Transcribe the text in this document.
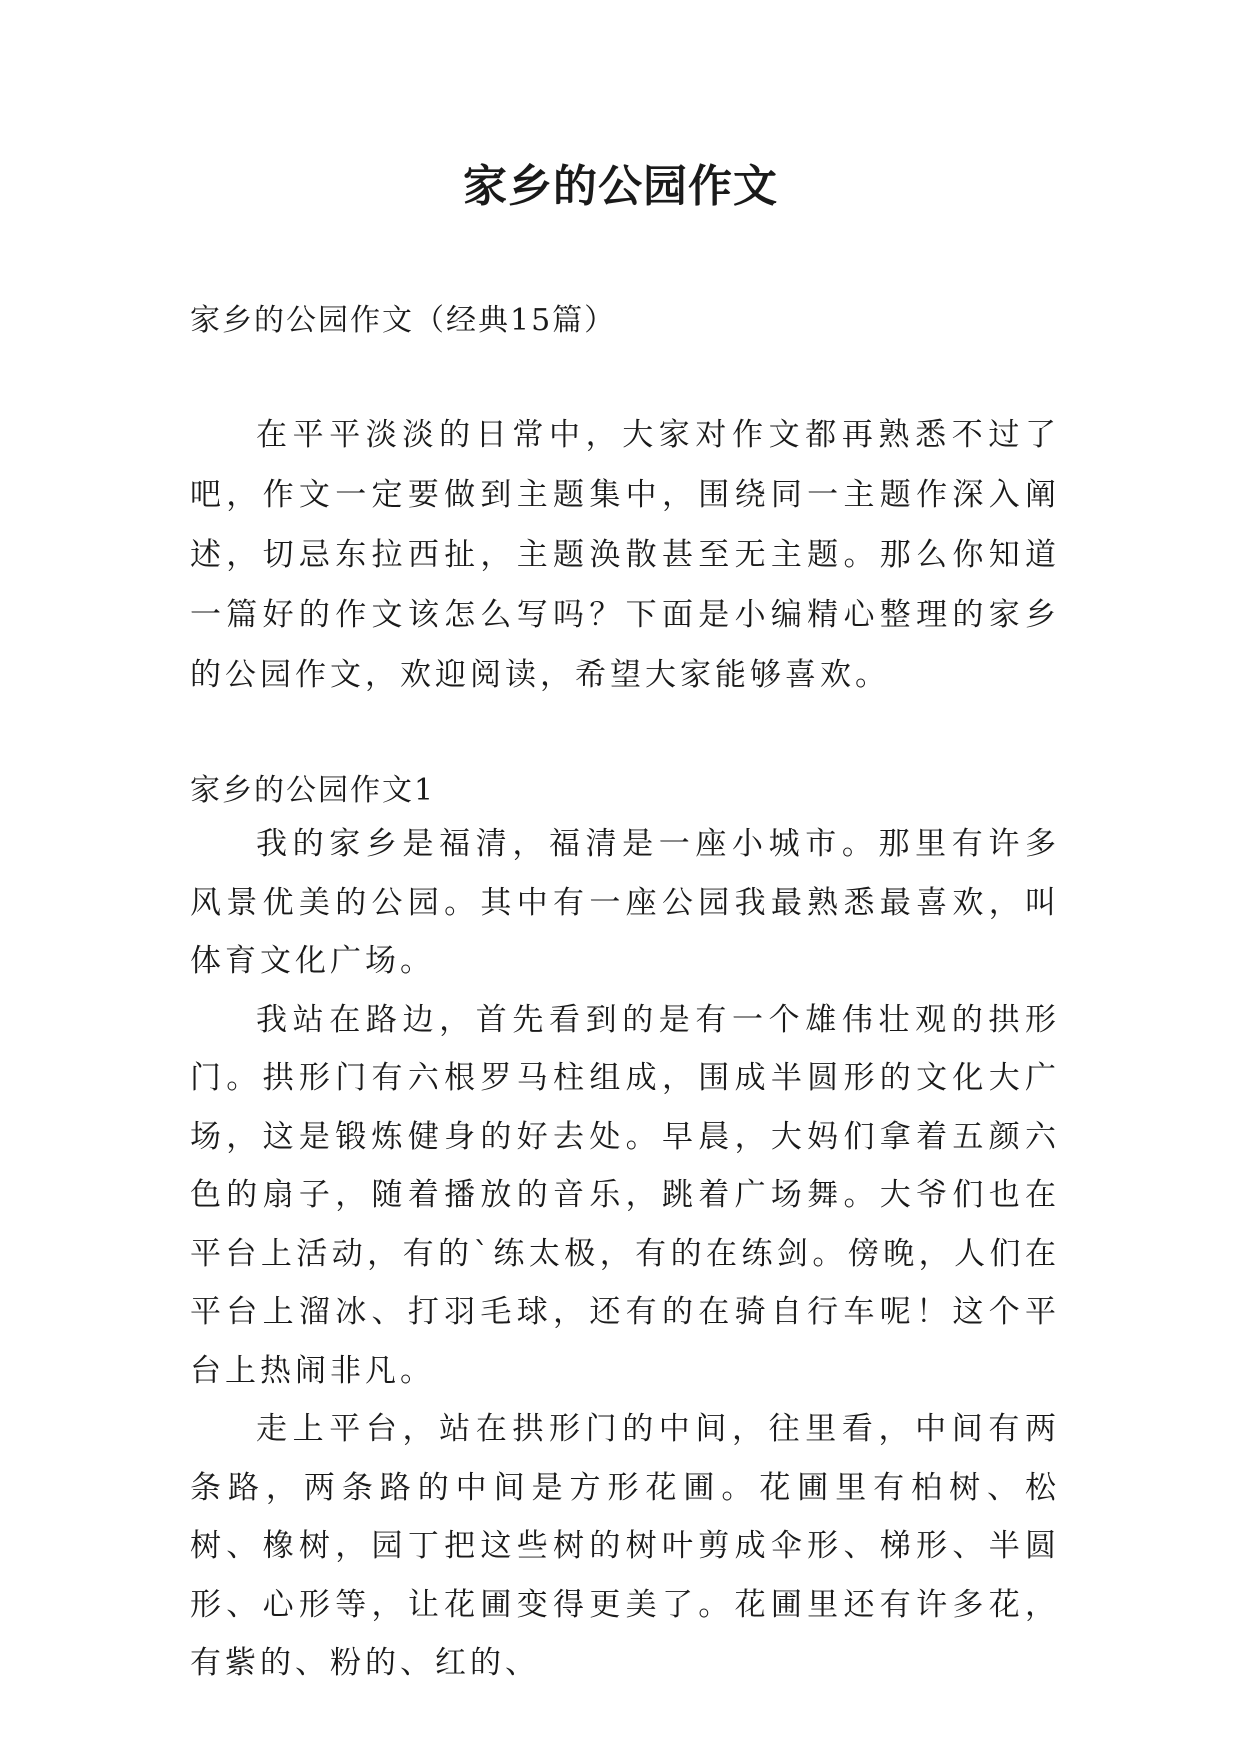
家乡的公园作文
家乡的公园作文（经典15篇）

在平平淡淡的日常中，大家对作文都再熟悉不过了吧，作文一定要做到主题集中，围绕同一主题作深入阐述，切忌东拉西扯，主题涣散甚至无主题。那么你知道一篇好的作文该怎么写吗？下面是小编精心整理的家乡的公园作文，欢迎阅读，希望大家能够喜欢。

家乡的公园作文1

我的家乡是福清，福清是一座小城市。那里有许多风景优美的公园。其中有一座公园我最熟悉最喜欢，叫体育文化广场。

我站在路边，首先看到的是有一个雄伟壮观的拱形门。拱形门有六根罗马柱组成，围成半圆形的文化大广场，这是锻炼健身的好去处。早晨，大妈们拿着五颜六色的扇子，随着播放的音乐，跳着广场舞。大爷们也在平台上活动，有的`练太极，有的在练剑。傍晚，人们在平台上溜冰、打羽毛球，还有的在骑自行车呢！这个平台上热闹非凡。

走上平台，站在拱形门的中间，往里看，中间有两条路，两条路的中间是方形花圃。花圃里有柏树、松树、橡树，园丁把这些树的树叶剪成伞形、梯形、半圆形、心形等，让花圃变得更美了。花圃里还有许多花，有紫的、粉的、红的、
